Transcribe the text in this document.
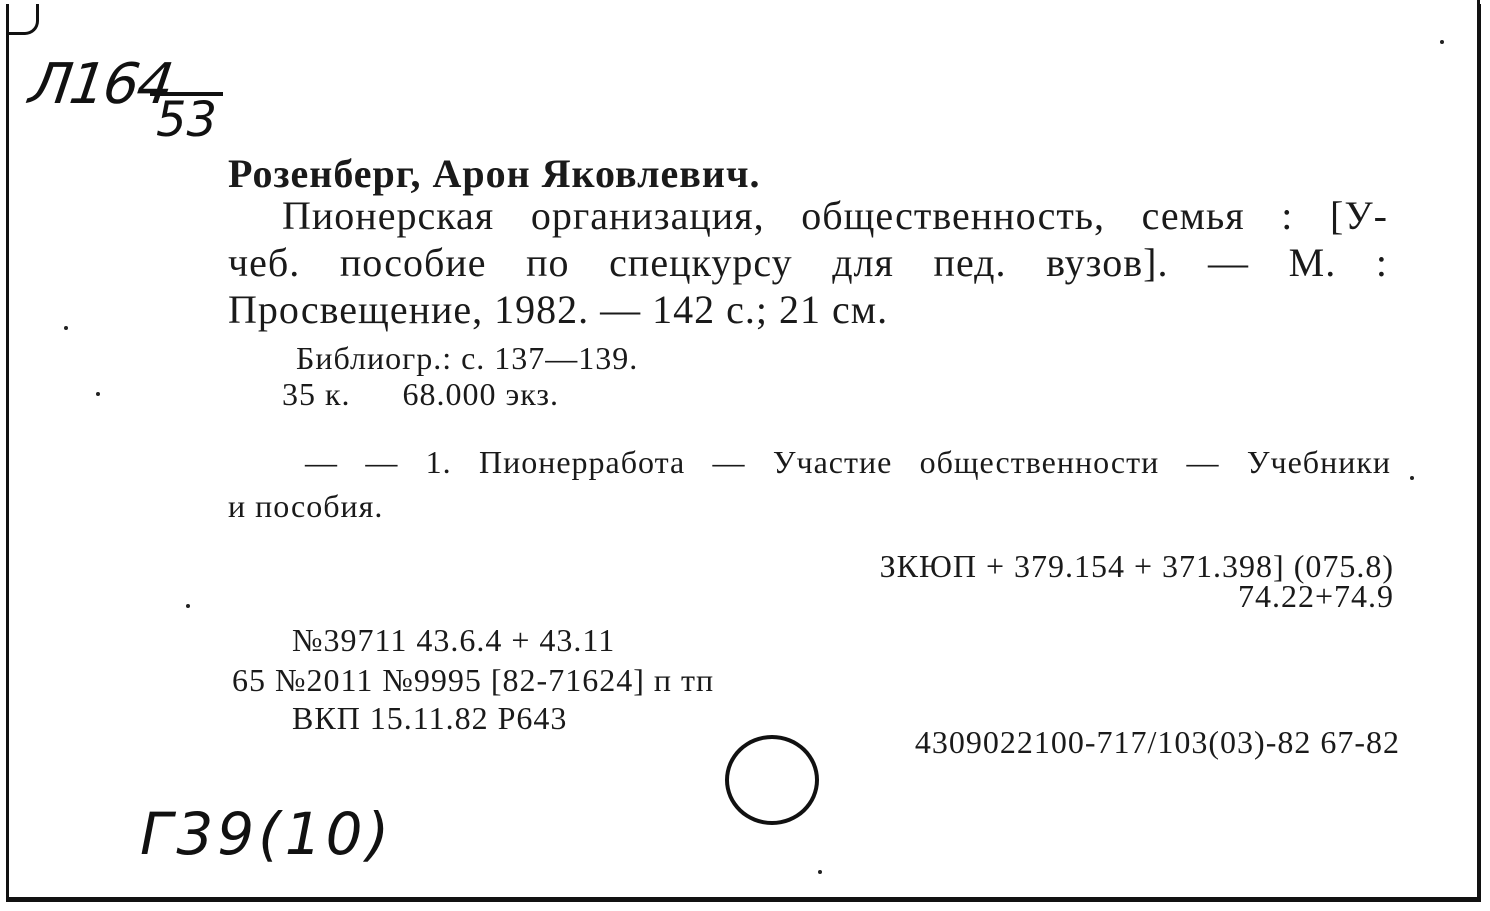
Л164
53
Розенберг, Арон Яковлевич.
Пионерская организация, общественность, семья : [У-
чеб. пособие по спецкурсу для пед. вузов]. — М. :
Просвещение, 1982. — 142 с.; 21 см.
Библиогр.: с. 137—139.
35 к. 68.000 экз.
— — 1. Пионерработа — Участие общественности — Учебники
и пособия.
ЗКЮП + 379.154 + 371.398] (075.8)
74.22+74.9
№39711 43.6.4 + 43.11
65 №2011 №9995 [82-71624] п тп
ВКП 15.11.82 Р643
4309022100-717/103(03)-82 67-82
Г39(10)
